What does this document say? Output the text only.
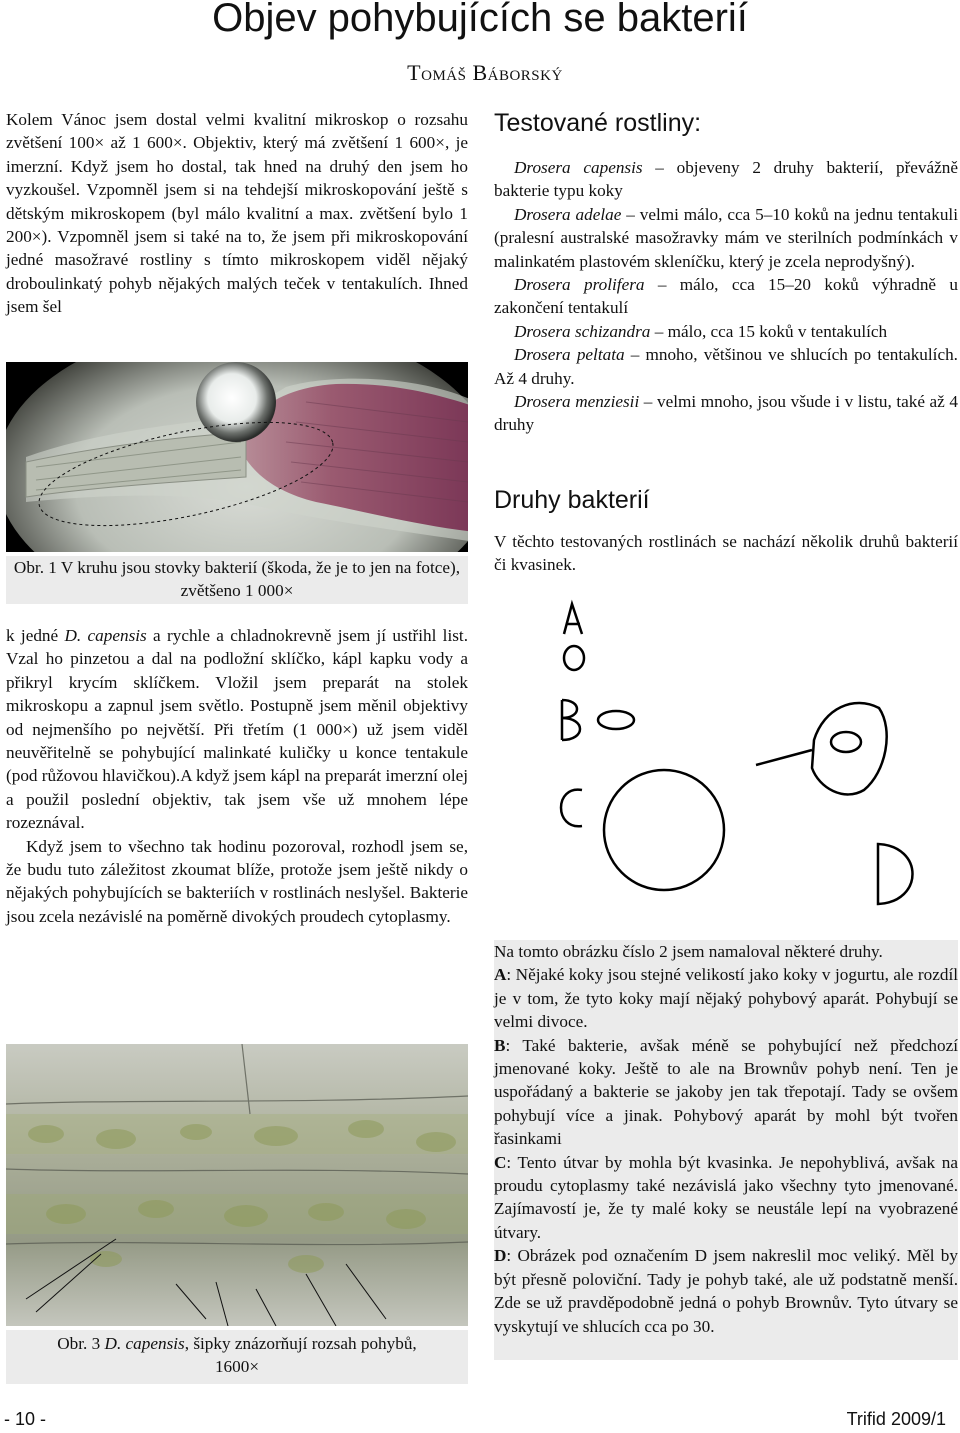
Objev pohybujících se bakterií
Tomáš Báborský

Kolem Vánoc jsem dostal velmi kvalitní mikroskop o rozsahu zvětšení 100× až 1 600×. Objektiv, který má zvětšení 1 600×, je imerzní. Když jsem ho dostal, tak hned na druhý den jsem ho vyzkoušel. Vzpomněl jsem si na tehdejší mikroskopování ještě s dětským mikroskopem (byl málo kvalitní a max. zvětšení bylo 1 200×). Vzpomněl jsem si také na to, že jsem při mikroskopování jedné masožravé rostliny s tímto mikroskopem viděl nějaký droboulinkatý pohyb nějakých malých teček v tentakulích. Ihned jsem šel

Obr. 1 V kruhu jsou stovky bakterií (škoda, že je to jen na fotce), zvětšeno 1 000×

k jedné D. capensis a rychle a chladnokrevně jsem jí ustřihl list. Vzal ho pinzetou a dal na podložní sklíčko, kápl kapku vody a přikryl krycím sklíčkem. Vložil jsem preparát na stolek mikroskopu a zapnul jsem světlo. Postupně jsem měnil objektivy od nejmenšího po největší. Při třetím (1 000×) už jsem viděl neuvěřitelně se pohybující malinkaté kuličky u konce tentakule (pod růžovou hlavičkou).A když jsem kápl na preparát imerzní olej a použil poslední objektiv, tak jsem vše už mnohem lépe rozeznával.

Když jsem to všechno tak hodinu pozoroval, rozhodl jsem se, že budu tuto záležitost zkoumat blíže, protože jsem ještě nikdy o nějakých pohybujících se bakteriích v rostlinách neslyšel. Bakterie jsou zcela nezávislé na poměrně divokých proudech cytoplasmy.

Obr. 3 D. capensis, šipky znázorňují rozsah pohybů, 1600×
Testované rostliny:

Drosera capensis – objeveny 2 druhy bakterií, převážně bakterie typu koky

Drosera adelae – velmi málo, cca 5–10 koků na jednu tentakuli (pralesní australské masožravky mám ve sterilních podmínkách v malinkatém plastovém skleníčku, který je zcela neprodyšný).

Drosera prolifera – málo, cca 15–20 koků výhradně u zakončení tentakulí

Drosera schizandra – málo, cca 15 koků v tentakulích

Drosera peltata – mnoho, většinou ve shlucích po tentakulích. Až 4 druhy.

Drosera menziesii – velmi mnoho, jsou všude i v listu, také až 4 druhy

Druhy bakterií

V těchto testovaných rostlinách se nachází několik druhů bakterií či kvasinek.

Na tomto obrázku číslo 2 jsem namaloval některé druhy.

A: Nějaké koky jsou stejné velikostí jako koky v jogurtu, ale rozdíl je v tom, že tyto koky mají nějaký pohybový aparát. Pohybují se velmi divoce.

B: Také bakterie, avšak méně se pohybující než předchozí jmenované koky. Ještě to ale na Brownův pohyb není. Ten je uspořádaný a bakterie se jakoby jen tak třepotají. Tady se ovšem pohybují více a jinak. Pohybový aparát by mohl být tvořen řasinkami

C: Tento útvar by mohla být kvasinka. Je nepohyblivá, avšak na proudu cytoplasmy také nezávislá jako všechny tyto jmenované. Zajímavostí je, že ty malé koky se neustále lepí na vyobrazené útvary.

D: Obrázek pod označením D jsem nakreslil moc veliký. Měl by být přesně poloviční. Tady je pohyb také, ale už podstatně menší. Zde se už pravděpodobně jedná o pohyb Brownův. Tyto útvary se vyskytují ve shlucích cca po 30.

- 10 -	Trifid 2009/1
